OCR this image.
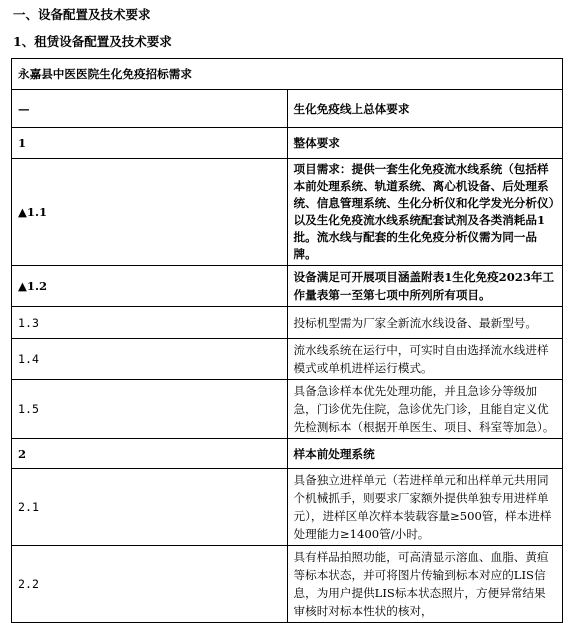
一、设备配置及技术要求
1、租赁设备配置及技术要求
永嘉县中医医院生化免疫招标需求	
—	生化免疫线上总体要求
1	整体要求
▲1.1	项目需求：提供一套生化免疫流水线系统（包括样本前处理系统、轨道系统、离心机设备、后处理系统、信息管理系统、生化分析仪和化学发光分析仪）以及生化免疫流水线系统配套试剂及各类消耗品1批。流水线与配套的生化免疫分析仪需为同一品牌。
▲1.2	设备满足可开展项目涵盖附表1生化免疫2023年工作量表第一至第七项中所列所有项目。
1.3	投标机型需为厂家全新流水线设备、最新型号。
1.4	流水线系统在运行中，可实时自由选择流水线进样模式或单机进样运行模式。
1.5	具备急诊样本优先处理功能，并且急诊分等级加急，门诊优先住院，急诊优先门诊，且能自定义优先检测标本（根据开单医生、项目、科室等加急）。
2	样本前处理系统
2.1	具备独立进样单元（若进样单元和出样单元共用同个机械抓手，则要求厂家额外提供单独专用进样单元），进样区单次样本装载容量≥500管，样本进样处理能力≥1400管/小时。
2.2	具有样品拍照功能，可高清显示溶血、血脂、黄疸等标本状态，并可将图片传输到标本对应的LIS信息，为用户提供LIS标本状态照片，方便异常结果审核时对标本性状的核对，
